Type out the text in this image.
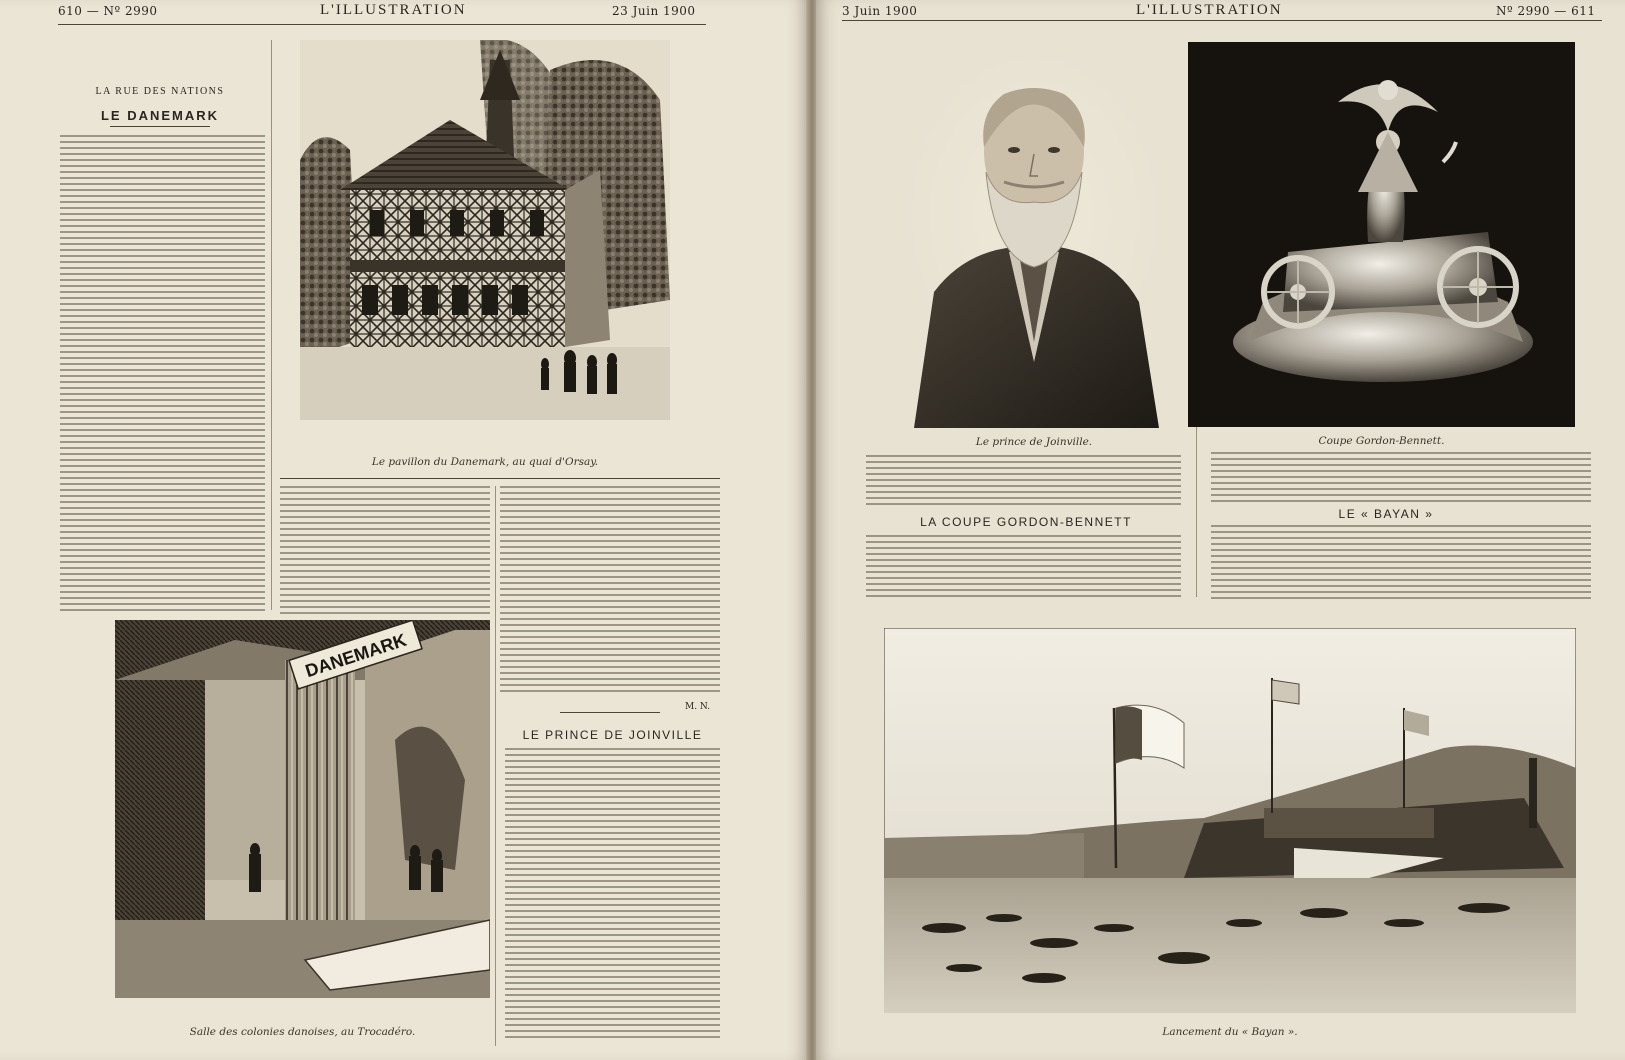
610 — Nº 2990	L'ILLUSTRATION	23 Juin 1900
LA RUE DES NATIONS
LE DANEMARK
Le pavillon du Danemark, au quai d'Orsay.
DANEMARK
Salle des colonies danoises, au Trocadéro.
M. N.
LE PRINCE DE JOINVILLE
3 Juin 1900	L'ILLUSTRATION	Nº 2990 — 611
Le prince de Joinville.	Coupe Gordon-Bennett.
LA COUPE GORDON-BENNETT
LE « BAYAN »
Lancement du « Bayan ».
